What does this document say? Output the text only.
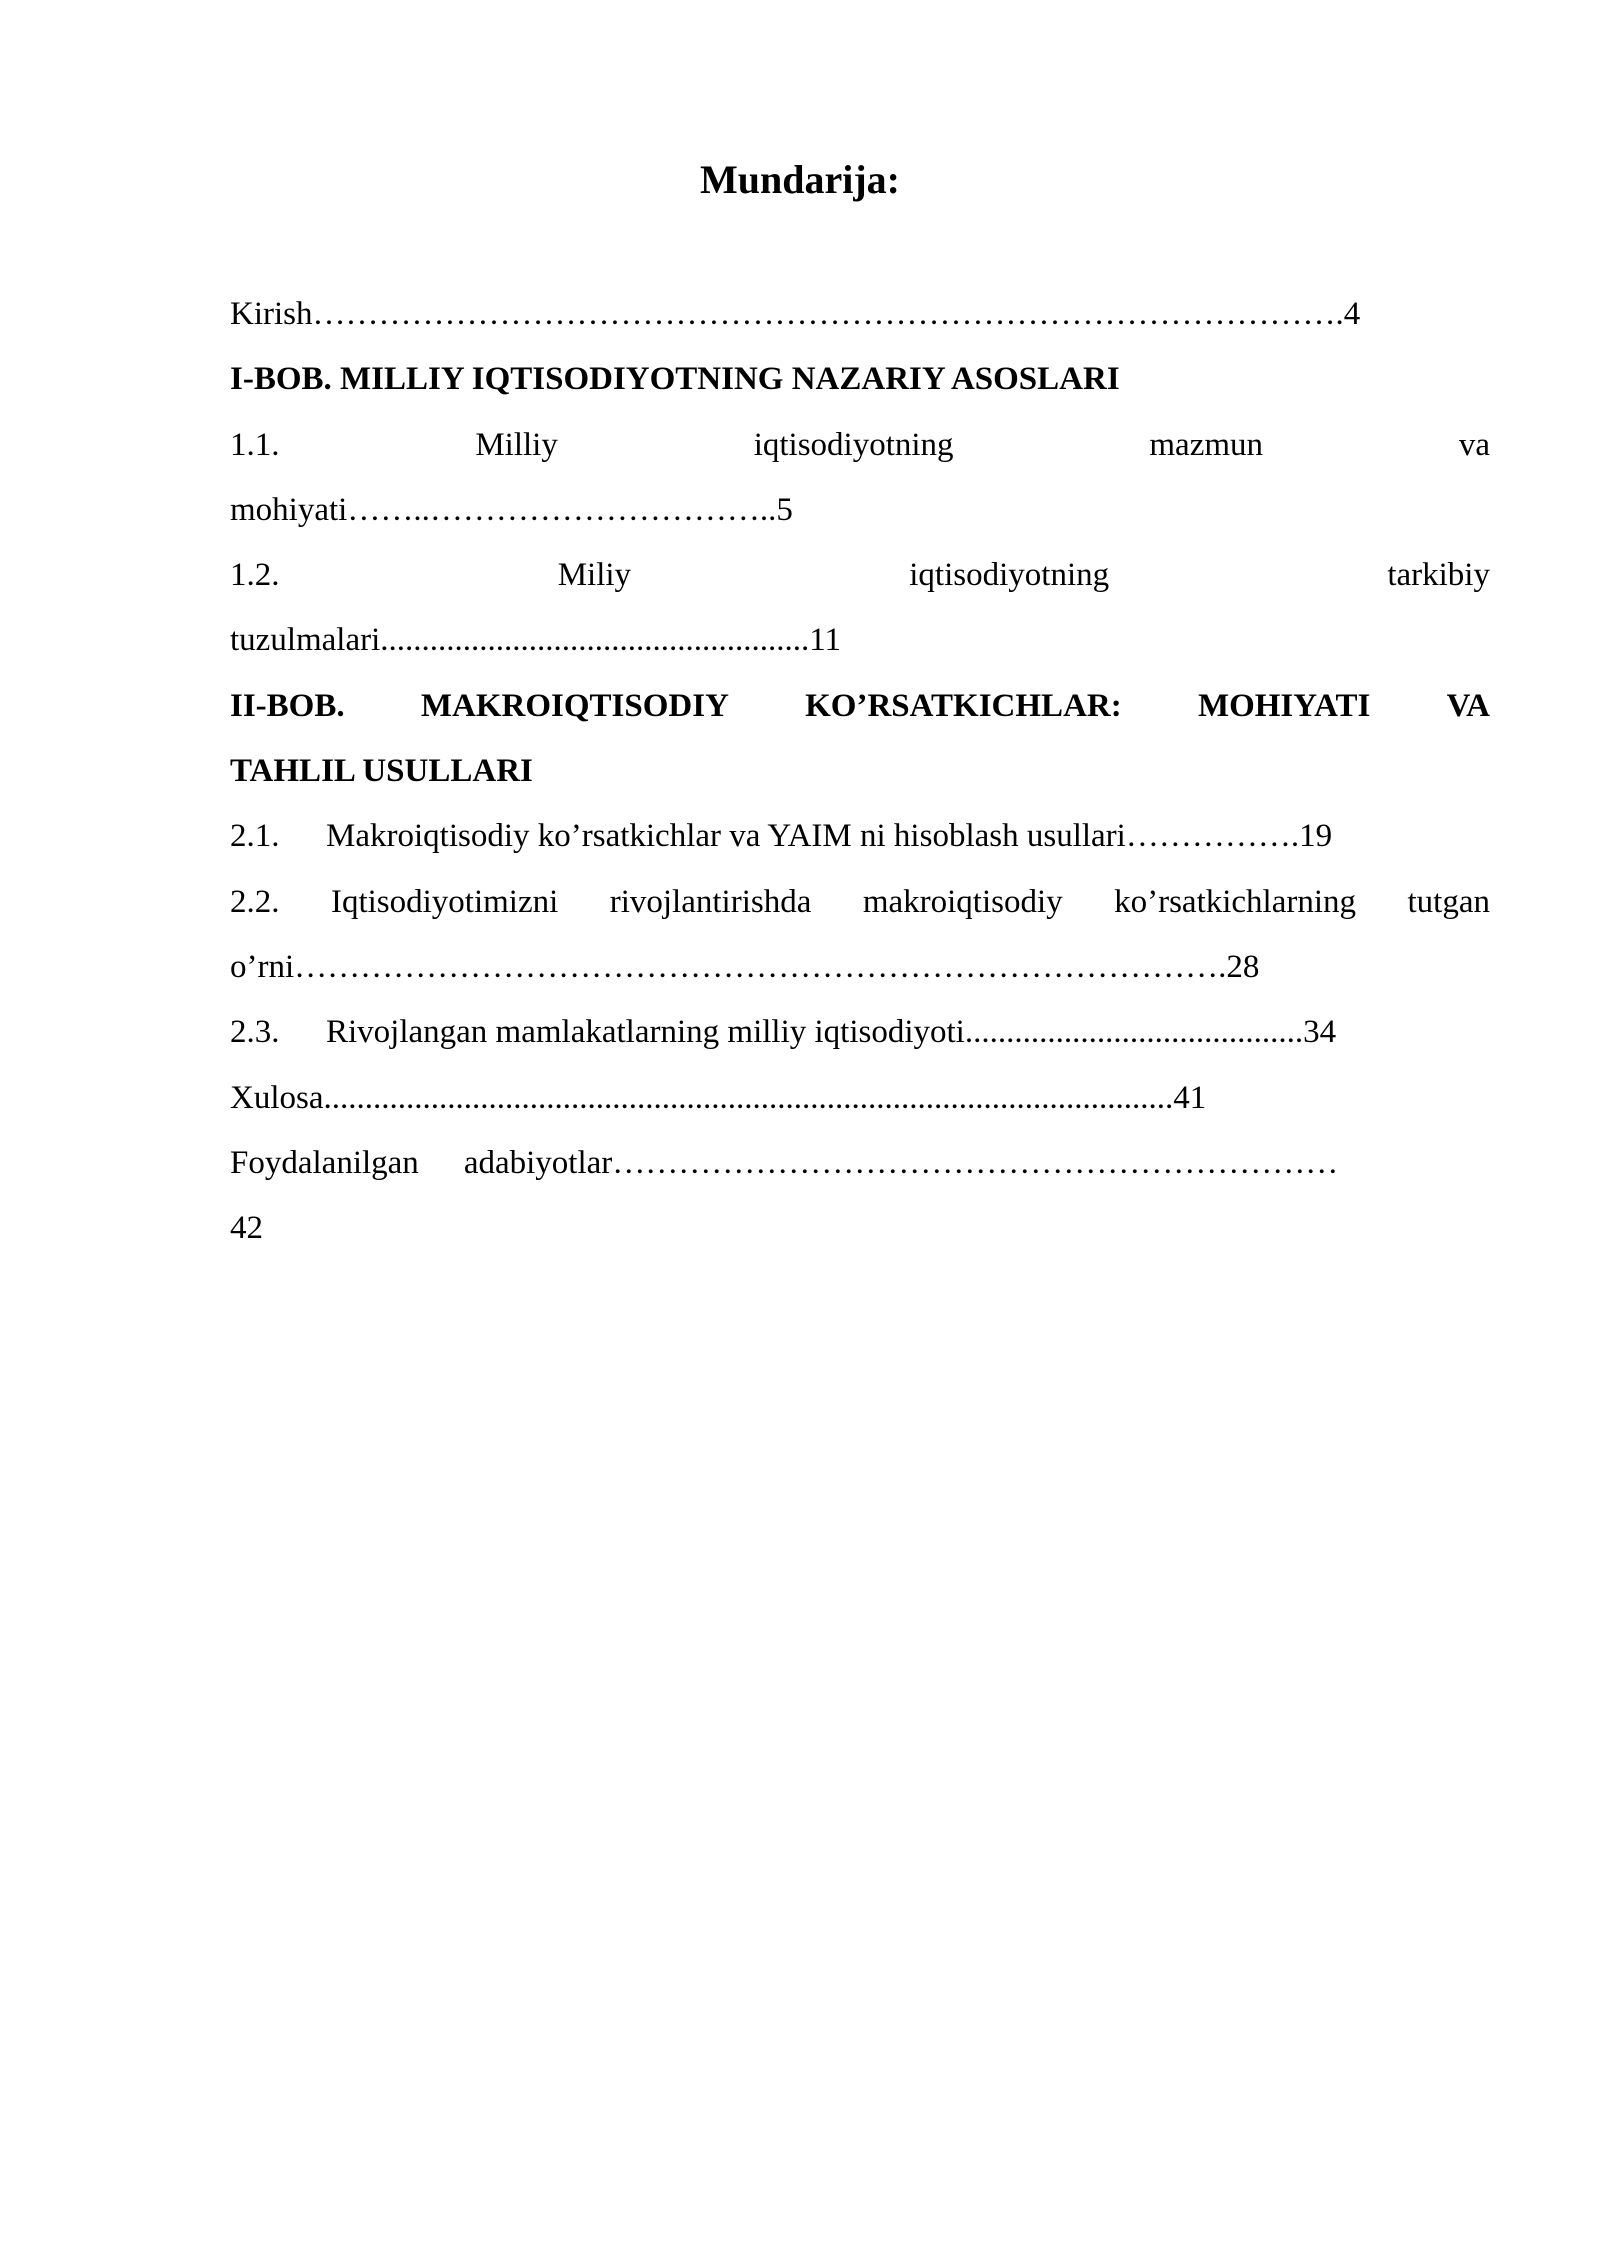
Mundarija:
Kirish………………………………………………………………………………….4
I-BOB. MILLIY IQTISODIYOTNING NAZARIY ASOSLARI
1.1.	Milliy	iqtisodiyotning	mazmun	va
mohiyati……..…………………………..5
1.2.	Miliy	iqtisodiyotning	tarkibiy
tuzulmalari....................................................11
II-BOB. MAKROIQTISODIY KO’RSATKICHLAR: MOHIYATI VA
TAHLIL USULLARI
2.1. Makroiqtisodiy ko’rsatkichlar va YAIM ni hisoblash usullari…………….19
2.2. Iqtisodiyotimizni rivojlantirishda makroiqtisodiy ko’rsatkichlarning tutgan
o’rni………………………………………………………………………….28
2.3. Rivojlangan mamlakatlarning milliy iqtisodiyoti.........................................34
Xulosa.......................................................................................................41
Foydalanilgan adabiyotlar…………………………………………………………
42
